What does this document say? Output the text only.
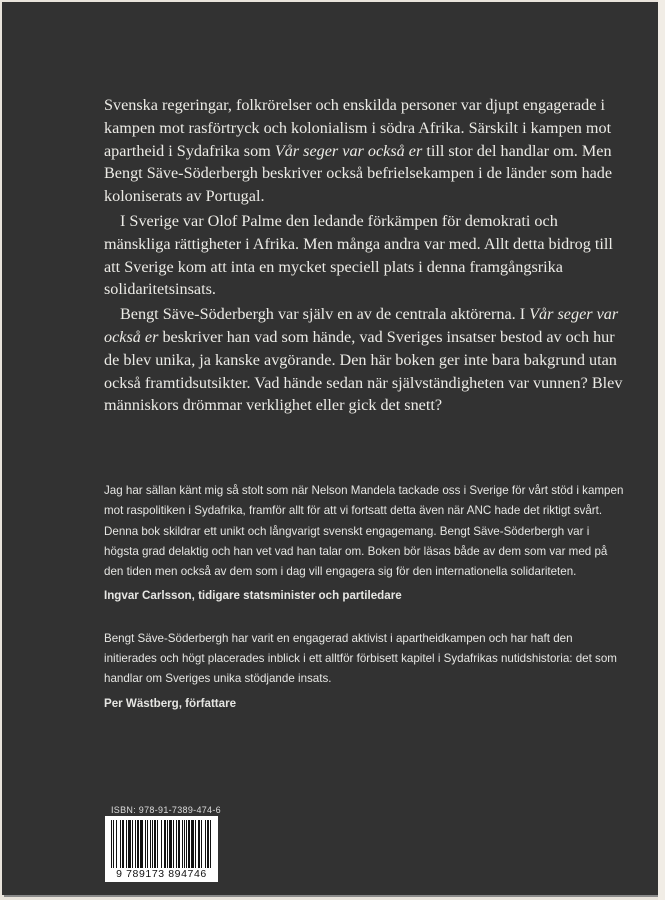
Svenska regeringar, folkrörelser och enskilda personer var djupt engagerade i kampen mot rasförtryck och kolonialism i södra Afrika. Särskilt i kampen mot apartheid i Sydafrika som Vår seger var också er till stor del handlar om. Men Bengt Säve-Söderbergh beskriver också befrielsekampen i de länder som hade koloniserats av Portugal.

I Sverige var Olof Palme den ledande förkämpen för demokrati och mänskliga rättigheter i Afrika. Men många andra var med. Allt detta bidrog till att Sverige kom att inta en mycket speciell plats i denna framgångsrika solidaritetsinsats.

Bengt Säve-Söderbergh var själv en av de centrala aktörerna. I Vår seger var också er beskriver han vad som hände, vad Sveriges insatser bestod av och hur de blev unika, ja kanske avgörande. Den här boken ger inte bara bakgrund utan också framtidsutsikter. Vad hände sedan när självständigheten var vunnen? Blev människors drömmar verklighet eller gick det snett?

Jag har sällan känt mig så stolt som när Nelson Mandela tackade oss i Sverige för vårt stöd i kampen mot raspolitiken i Sydafrika, framför allt för att vi fortsatt detta även när ANC hade det riktigt svårt. Denna bok skildrar ett unikt och långvarigt svenskt engagemang. Bengt Säve-Söderbergh var i högsta grad delaktig och han vet vad han talar om. Boken bör läsas både av dem som var med på den tiden men också av dem som i dag vill engagera sig för den internationella solidariteten.

Ingvar Carlsson, tidigare statsminister och partiledare

Bengt Säve-Söderbergh har varit en engagerad aktivist i apartheidkampen och har haft den initierades och högt placerades inblick i ett alltför förbisett kapitel i Sydafrikas nutidshistoria: det som handlar om Sveriges unika stödjande insats.

Per Wästberg, författare

ISBN: 978-91-7389-474-6
9 789173 894746
